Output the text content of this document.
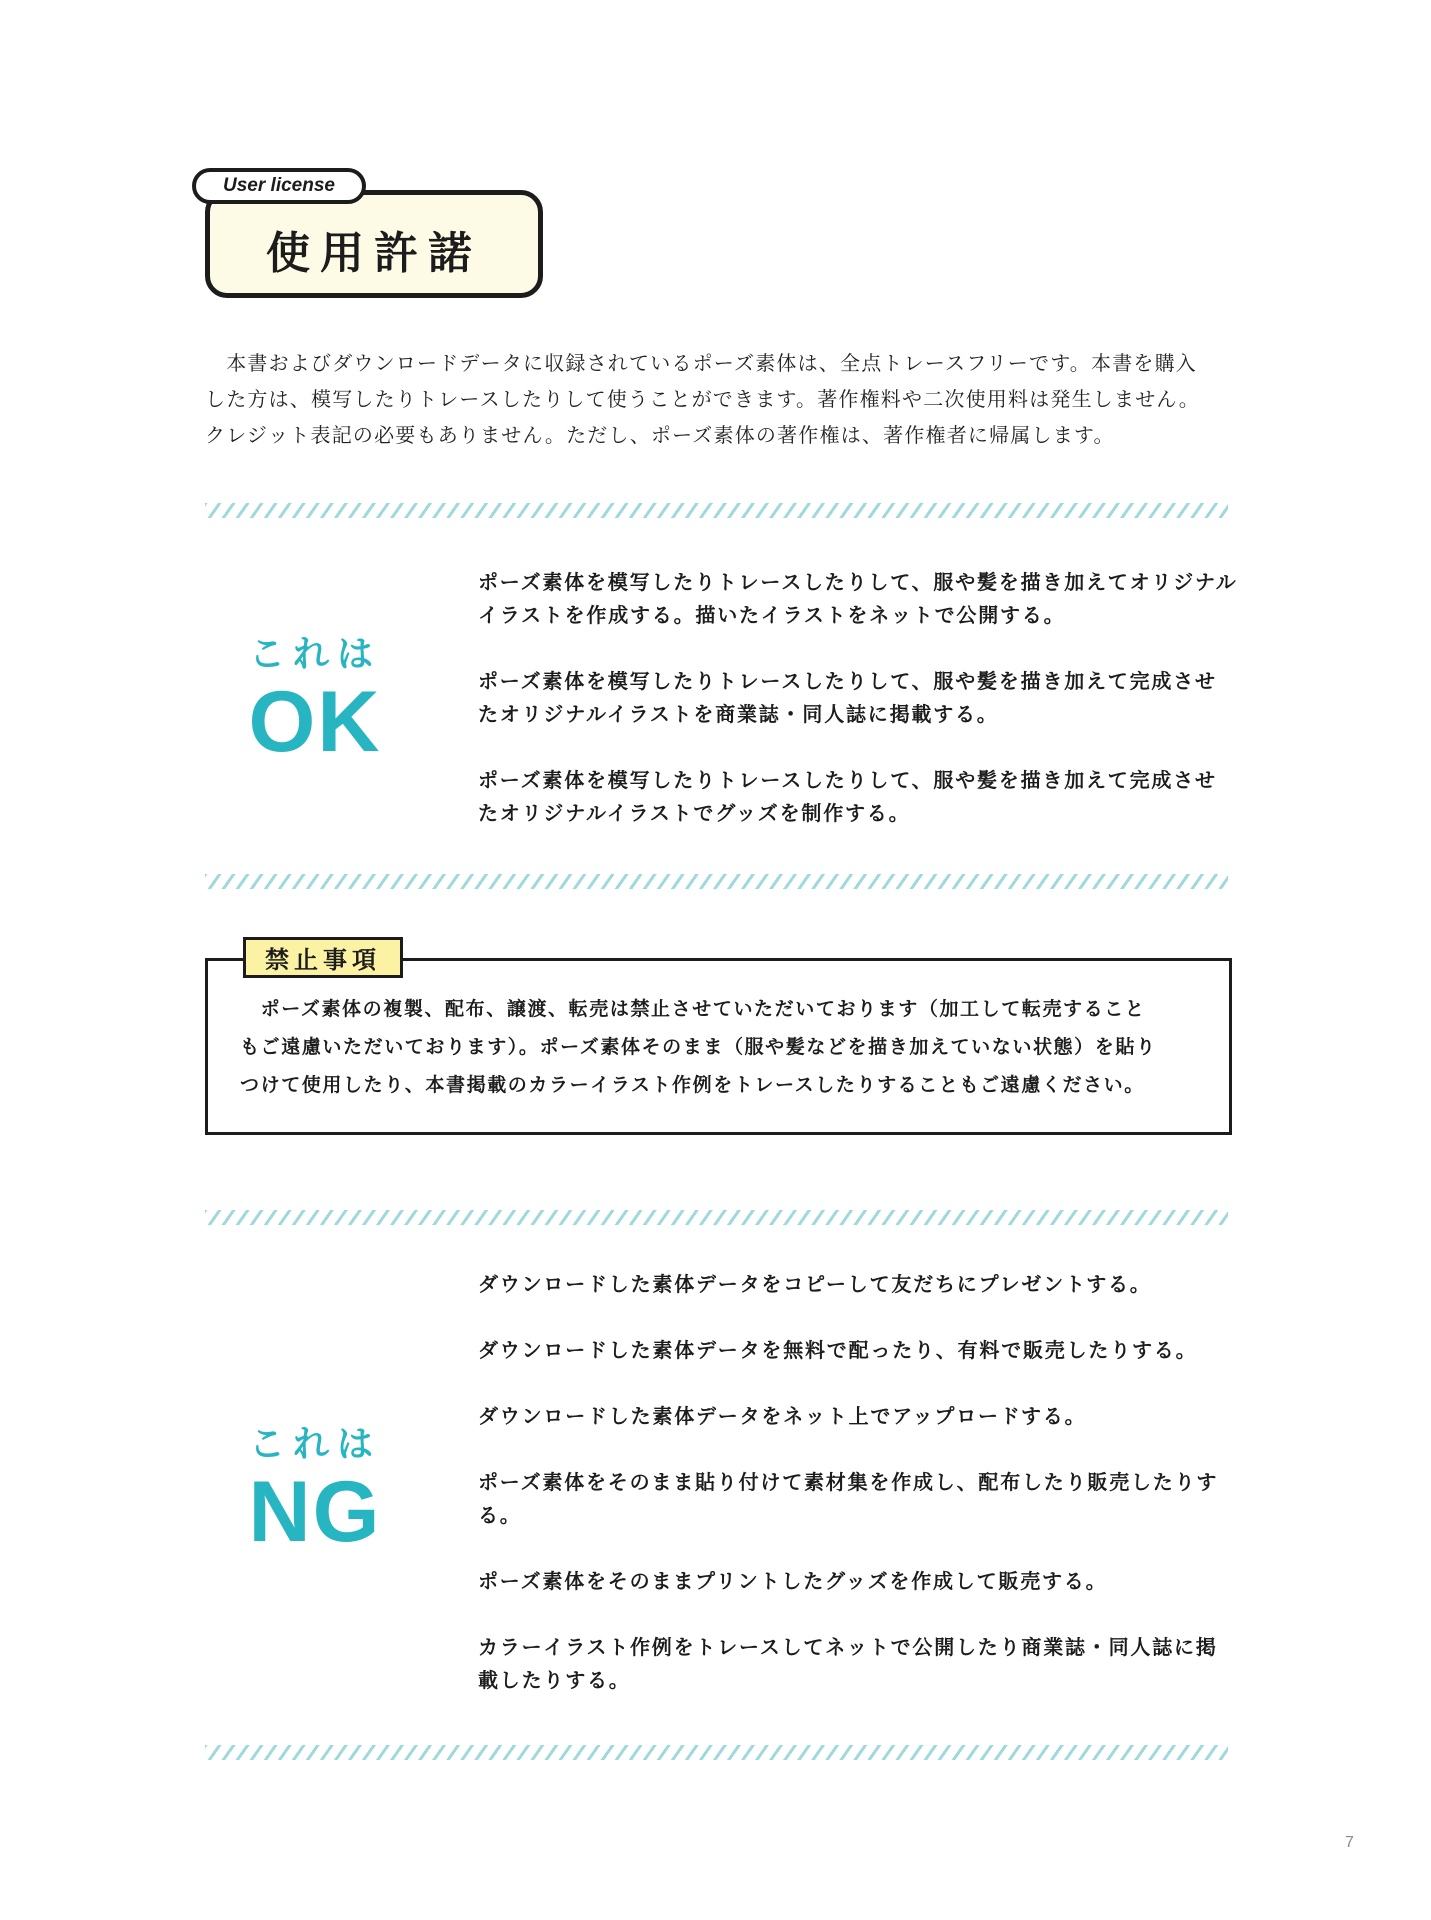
使用許諾
User license

　本書およびダウンロードデータに収録されているポーズ素体は、全点トレースフリーです。本書を購入

した方は、模写したりトレースしたりして使うことができます。著作権料や二次使用料は発生しません。

クレジット表記の必要もありません。ただし、ポーズ素体の著作権は、著作権者に帰属します。

これは
OK
ポーズ素体を模写したりトレースしたりして、服や髪を描き加えてオリジナルイラストを作成する。描いたイラストをネットで公開する。
ポーズ素体を模写したりトレースしたりして、服や髪を描き加えて完成させたオリジナルイラストを商業誌・同人誌に掲載する。
ポーズ素体を模写したりトレースしたりして、服や髪を描き加えて完成させたオリジナルイラストでグッズを制作する。
禁止事項

　ポーズ素体の複製、配布、譲渡、転売は禁止させていただいております（加工して転売すること

もご遠慮いただいております）。ポーズ素体そのまま（服や髪などを描き加えていない状態）を貼り

つけて使用したり、本書掲載のカラーイラスト作例をトレースしたりすることもご遠慮ください。

これは
NG
ダウンロードした素体データをコピーして友だちにプレゼントする。
ダウンロードした素体データを無料で配ったり、有料で販売したりする。
ダウンロードした素体データをネット上でアップロードする。
ポーズ素体をそのまま貼り付けて素材集を作成し、配布したり販売したりする。
ポーズ素体をそのままプリントしたグッズを作成して販売する。
カラーイラスト作例をトレースしてネットで公開したり商業誌・同人誌に掲載したりする。
7
